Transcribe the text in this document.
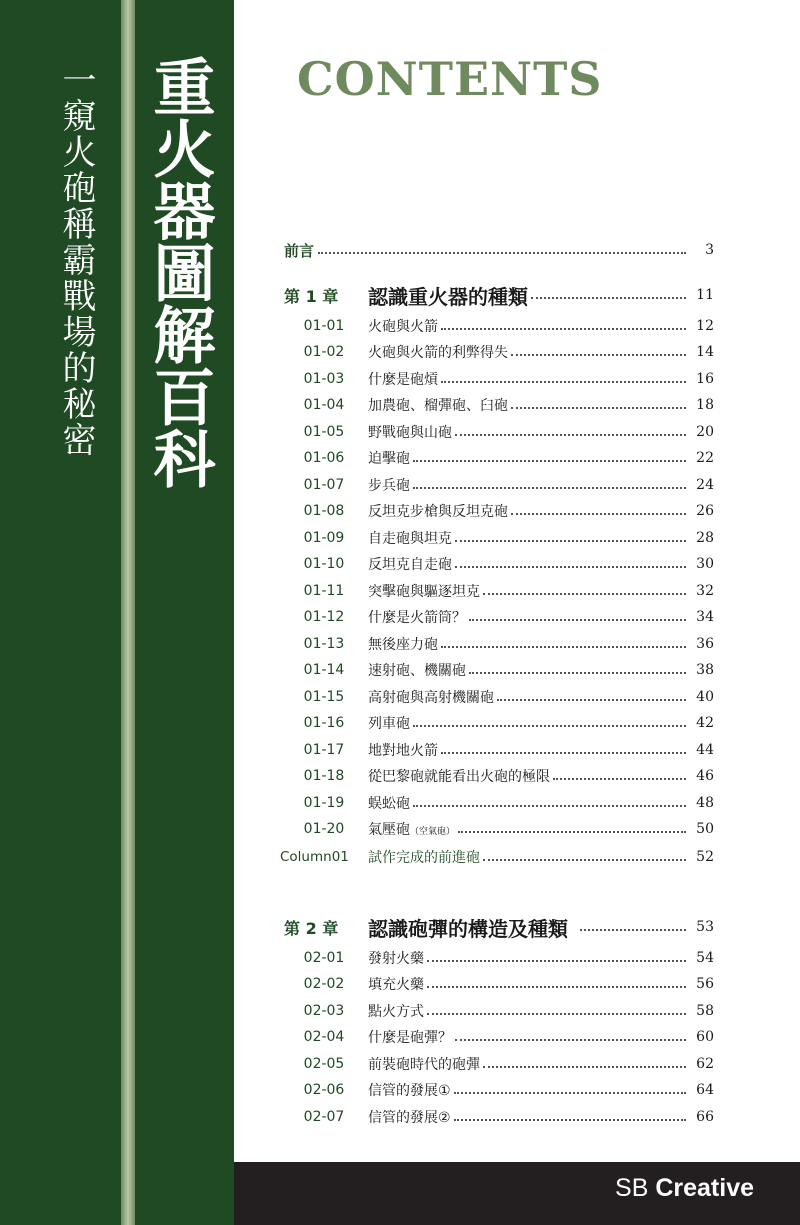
一窺火砲稱霸戰場的秘密 重火器圖解百科 CONTENTS
前言	3
第 1 章	認識重火器的種類	11
01-01	火砲與火箭	12
01-02	火砲與火箭的利弊得失	14
01-03	什麼是砲熕	16
01-04	加農砲、榴彈砲、臼砲	18
01-05	野戰砲與山砲	20
01-06	迫擊砲	22
01-07	步兵砲	24
01-08	反坦克步槍與反坦克砲	26
01-09	自走砲與坦克	28
01-10	反坦克自走砲	30
01-11	突擊砲與驅逐坦克	32
01-12	什麼是火箭筒？	34
01-13	無後座力砲	36
01-14	速射砲、機關砲	38
01-15	高射砲與高射機關砲	40
01-16	列車砲	42
01-17	地對地火箭	44
01-18	從巴黎砲就能看出火砲的極限	46
01-19	蜈蚣砲	48
01-20	氣壓砲（空氣砲）	50
Column01	試作完成的前進砲	52
第 2 章	認識砲彈的構造及種類	53
02-01	發射火藥	54
02-02	填充火藥	56
02-03	點火方式	58
02-04	什麼是砲彈？	60
02-05	前裝砲時代的砲彈	62
02-06	信管的發展①	64
02-07	信管的發展②	66
SB Creative
